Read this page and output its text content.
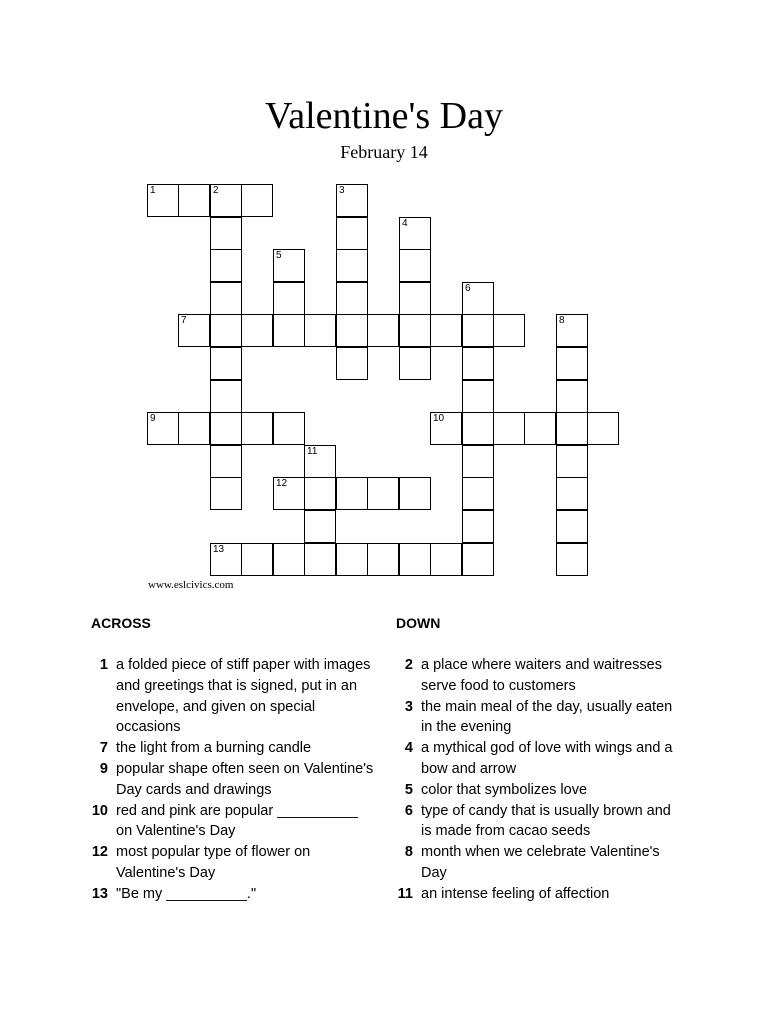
Valentine's Day
February 14
1	2	3
4
5
6
7	8
9	10
11
12
13
www.eslcivics.com
ACROSS	DOWN
1 a folded piece of stiff paper with images and greetings that is signed, put in an envelope, and given on special occasions
7 the light from a burning candle
9 popular shape often seen on Valentine's Day cards and drawings
10 red and pink are popular __________ on Valentine's Day
12 most popular type of flower on Valentine's Day
13 "Be my __________."
2 a place where waiters and waitresses serve food to customers
3 the main meal of the day, usually eaten in the evening
4 a mythical god of love with wings and a bow and arrow
5 color that symbolizes love
6 type of candy that is usually brown and is made from cacao seeds
8 month when we celebrate Valentine's Day
11 an intense feeling of affection
